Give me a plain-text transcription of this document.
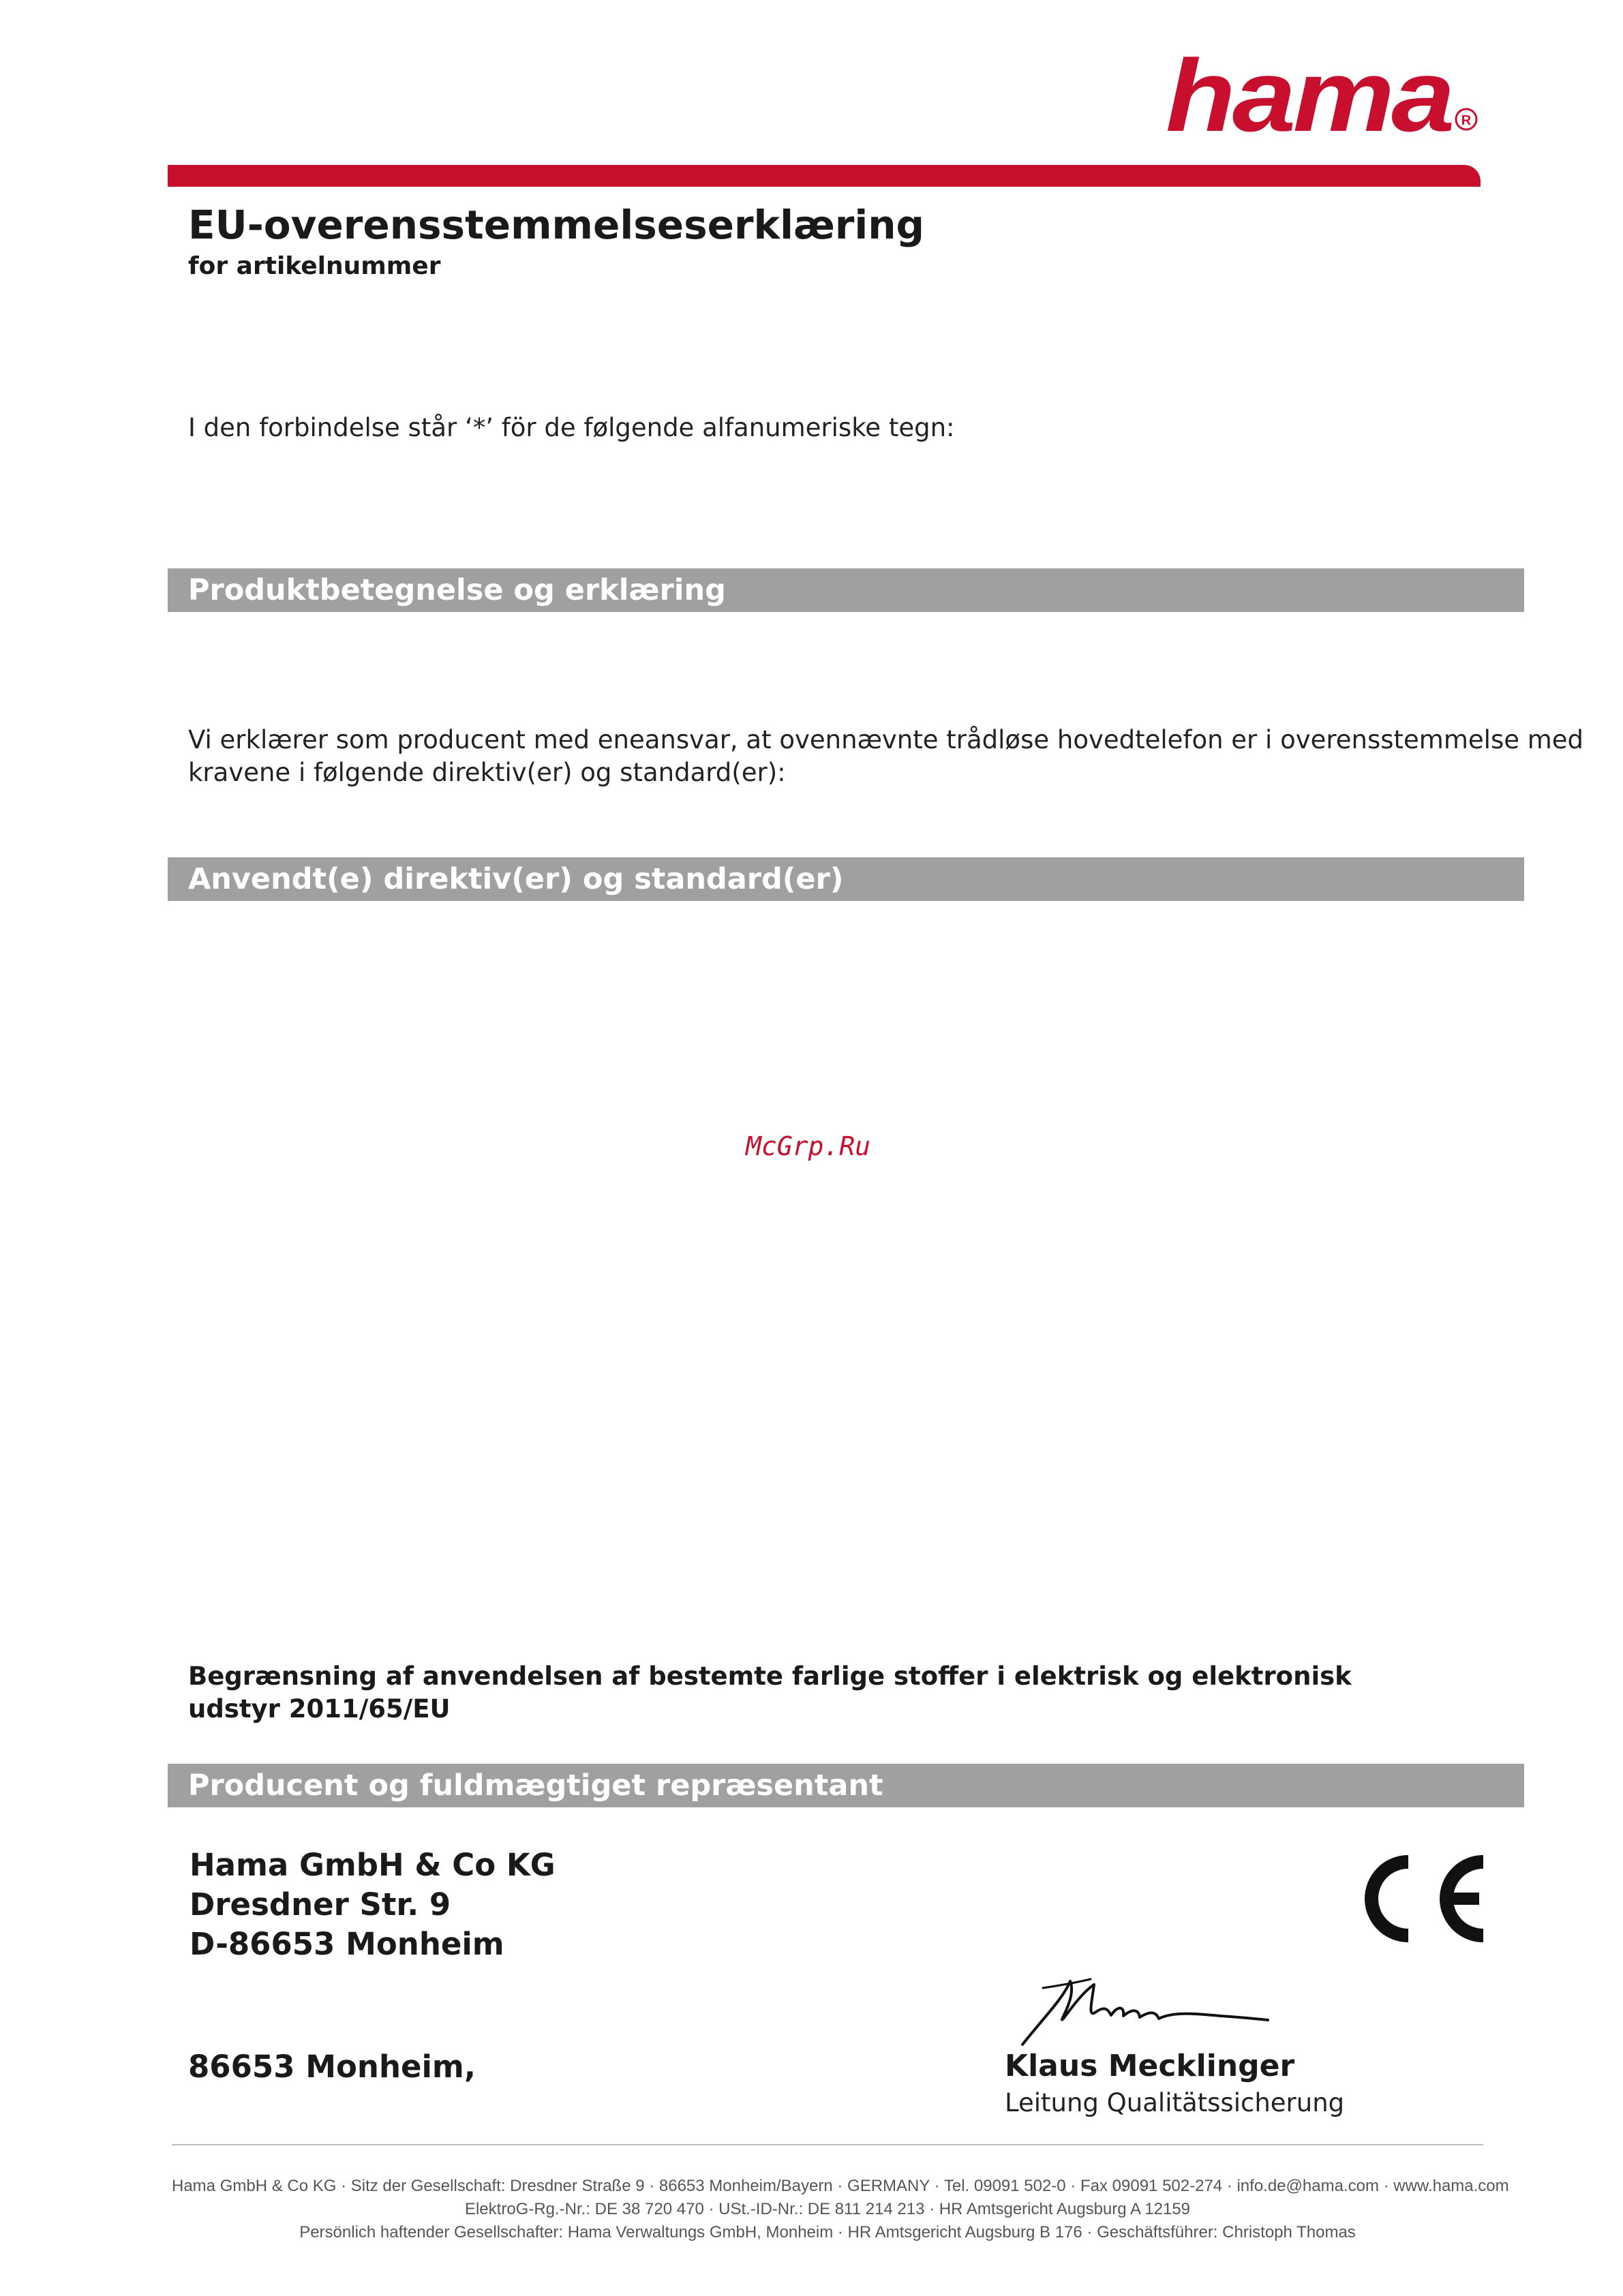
hama R
EU-overensstemmelseserklæring
for artikelnummer
I den forbindelse står ‘*’ för de følgende alfanumeriske tegn:
Produktbetegnelse og erklæring
Vi erklærer som producent med eneansvar, at ovennævnte trådløse hovedtelefon er i overensstemmelse med
kravene i følgende direktiv(er) og standard(er):
Anvendt(e) direktiv(er) og standard(er)
McGrp.Ru
Begrænsning af anvendelsen af bestemte farlige stoffer i elektrisk og elektronisk
udstyr 2011/65/EU
Producent og fuldmægtiget repræsentant
Hama GmbH & Co KG
Dresdner Str. 9
D-86653 Monheim
86653 Monheim,	Klaus Mecklinger
Leitung Qualitätssicherung
Hama GmbH & Co KG · Sitz der Gesellschaft: Dresdner Straße 9 · 86653 Monheim/Bayern · GERMANY · Tel. 09091 502-0 · Fax 09091 502-274 · info.de@hama.com · www.hama.com
ElektroG-Rg.-Nr.: DE 38 720 470 · USt.-ID-Nr.: DE 811 214 213 · HR Amtsgericht Augsburg A 12159
Persönlich haftender Gesellschafter: Hama Verwaltungs GmbH, Monheim · HR Amtsgericht Augsburg B 176 · Geschäftsführer: Christoph Thomas
